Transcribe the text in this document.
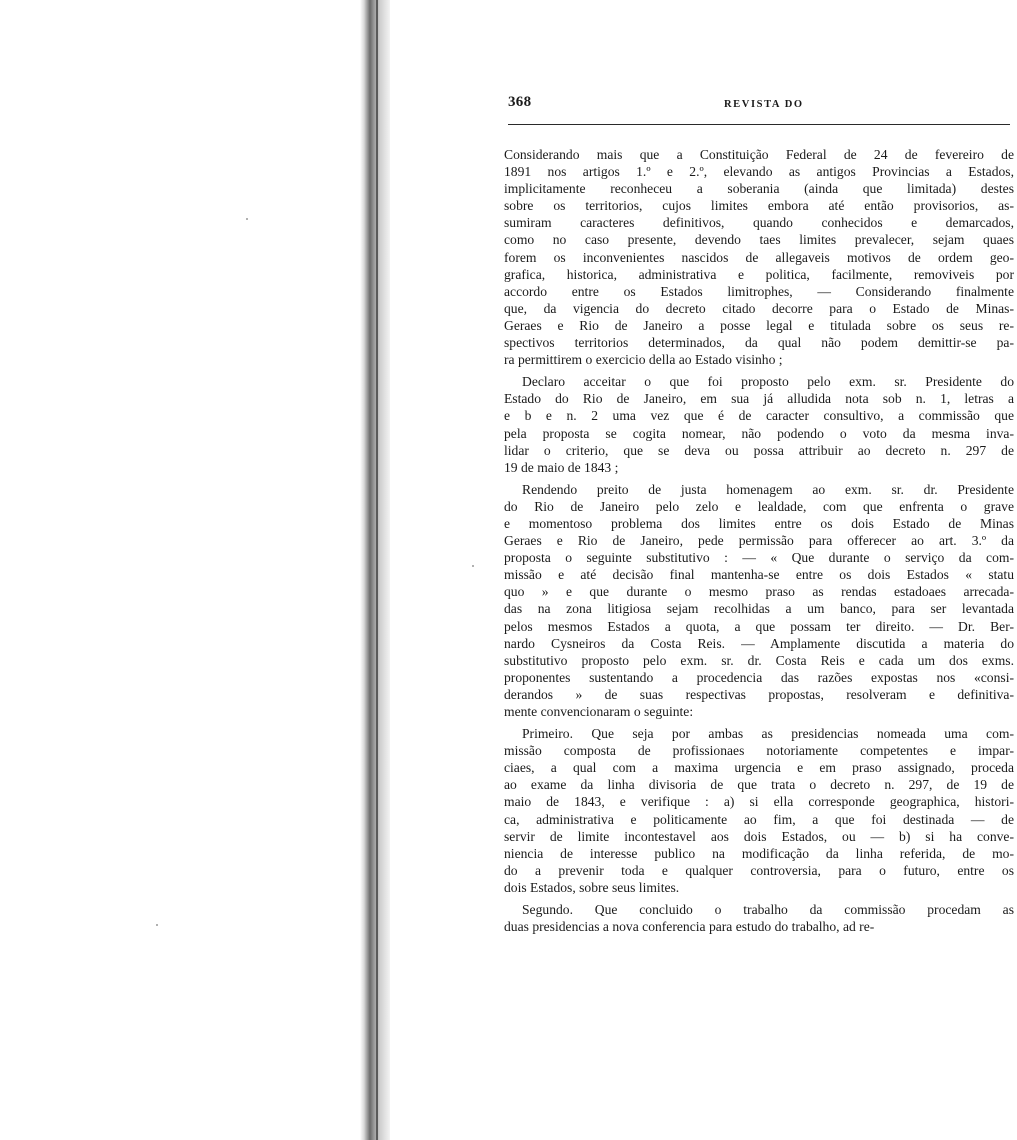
368	REVISTA DO
Considerando mais que a Constituição Federal de 24 de fevereiro de
1891 nos artigos 1.º e 2.º, elevando as antigos Provincias a Estados,
implicitamente reconheceu a soberania (ainda que limitada) destes
sobre os territorios, cujos limites embora até então provisorios, as-
sumiram caracteres definitivos, quando conhecidos e demarcados,
como no caso presente, devendo taes limites prevalecer, sejam quaes
forem os inconvenientes nascidos de allegaveis motivos de ordem geo-
grafica, historica, administrativa e politica, facilmente, removiveis por
accordo entre os Estados limitrophes, — Considerando finalmente
que, da vigencia do decreto citado decorre para o Estado de Minas-
Geraes e Rio de Janeiro a posse legal e titulada sobre os seus re-
spectivos territorios determinados, da qual não podem demittir-se pa-
ra permittirem o exercicio della ao Estado visinho ;
Declaro acceitar o que foi proposto pelo exm. sr. Presidente do
Estado do Rio de Janeiro, em sua já alludida nota sob n. 1, letras a
e b e n. 2 uma vez que é de caracter consultivo, a commissão que
pela proposta se cogita nomear, não podendo o voto da mesma inva-
lidar o criterio, que se deva ou possa attribuir ao decreto n. 297 de
19 de maio de 1843 ;
Rendendo preito de justa homenagem ao exm. sr. dr. Presidente
do Rio de Janeiro pelo zelo e lealdade, com que enfrenta o grave
e momentoso problema dos limites entre os dois Estado de Minas
Geraes e Rio de Janeiro, pede permissão para offerecer ao art. 3.º da
proposta o seguinte substitutivo : — « Que durante o serviço da com-
missão e até decisão final mantenha-se entre os dois Estados « statu
quo » e que durante o mesmo praso as rendas estadoaes arrecada-
das na zona litigiosa sejam recolhidas a um banco, para ser levantada
pelos mesmos Estados a quota, a que possam ter direito. — Dr. Ber-
nardo Cysneiros da Costa Reis. — Amplamente discutida a materia do
substitutivo proposto pelo exm. sr. dr. Costa Reis e cada um dos exms.
proponentes sustentando a procedencia das razões expostas nos «consi-
derandos » de suas respectivas propostas, resolveram e definitiva-
mente convencionaram o seguinte:
Primeiro. Que seja por ambas as presidencias nomeada uma com-
missão composta de profissionaes notoriamente competentes e impar-
ciaes, a qual com a maxima urgencia e em praso assignado, proceda
ao exame da linha divisoria de que trata o decreto n. 297, de 19 de
maio de 1843, e verifique : a) si ella corresponde geographica, histori-
ca, administrativa e politicamente ao fim, a que foi destinada — de
servir de limite incontestavel aos dois Estados, ou — b) si ha conve-
niencia de interesse publico na modificação da linha referida, de mo-
do a prevenir toda e qualquer controversia, para o futuro, entre os
dois Estados, sobre seus limites.
Segundo. Que concluido o trabalho da commissão procedam as
duas presidencias a nova conferencia para estudo do trabalho, ad re-
